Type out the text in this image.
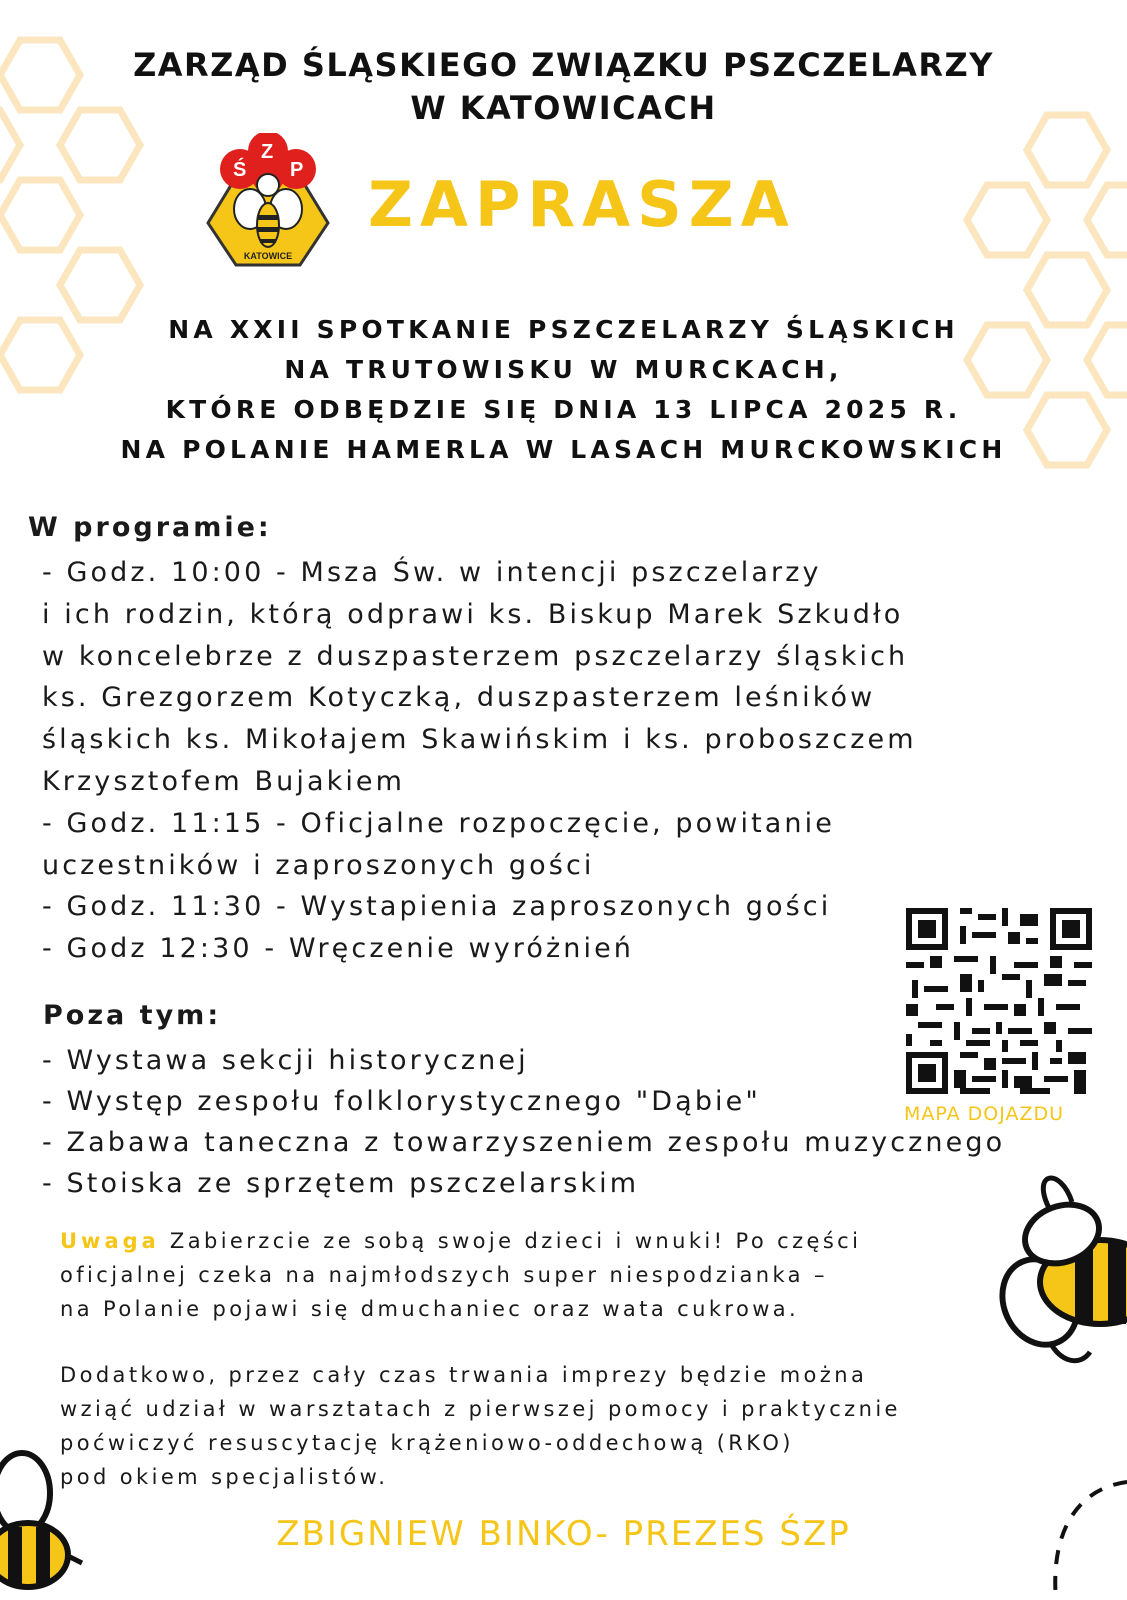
ZARZĄD ŚLĄSKIEGO ZWIĄZKU PSZCZELARZY
W KATOWICACH
Ś
Z
P
KATOWICE
ZAPRASZA
NA XXII SPOTKANIE PSZCZELARZY ŚLĄSKICH
NA TRUTOWISKU W MURCKACH,
KTÓRE ODBĘDZIE SIĘ DNIA 13 LIPCA 2025 R.
NA POLANIE HAMERLA W LASACH MURCKOWSKICH
W programie:
- Godz. 10:00 - Msza Św. w intencji pszczelarzy
i ich rodzin, którą odprawi ks. Biskup Marek Szkudło
w koncelebrze z duszpasterzem pszczelarzy śląskich
ks. Grezgorzem Kotyczką, duszpasterzem leśników
śląskich ks. Mikołajem Skawińskim i ks. proboszczem
Krzysztofem Bujakiem
- Godz. 11:15 - Oficjalne rozpoczęcie, powitanie
uczestników i zaproszonych gości
- Godz. 11:30 - Wystapienia zaproszonych gości
- Godz 12:30 - Wręczenie wyróżnień
MAPA DOJAZDU
Poza tym:
- Wystawa sekcji historycznej
- Występ zespołu folklorystycznego "Dąbie"
- Zabawa taneczna z towarzyszeniem zespołu muzycznego
- Stoiska ze sprzętem pszczelarskim
Uwaga Zabierzcie ze sobą swoje dzieci i wnuki! Po części
oficjalnej czeka na najmłodszych super niespodzianka –
na Polanie pojawi się dmuchaniec oraz wata cukrowa.
Dodatkowo, przez cały czas trwania imprezy będzie można
wziąć udział w warsztatach z pierwszej pomocy i praktycznie
poćwiczyć resuscytację krążeniowo-oddechową (RKO)
pod okiem specjalistów.
ZBIGNIEW BINKO- PREZES ŚZP
